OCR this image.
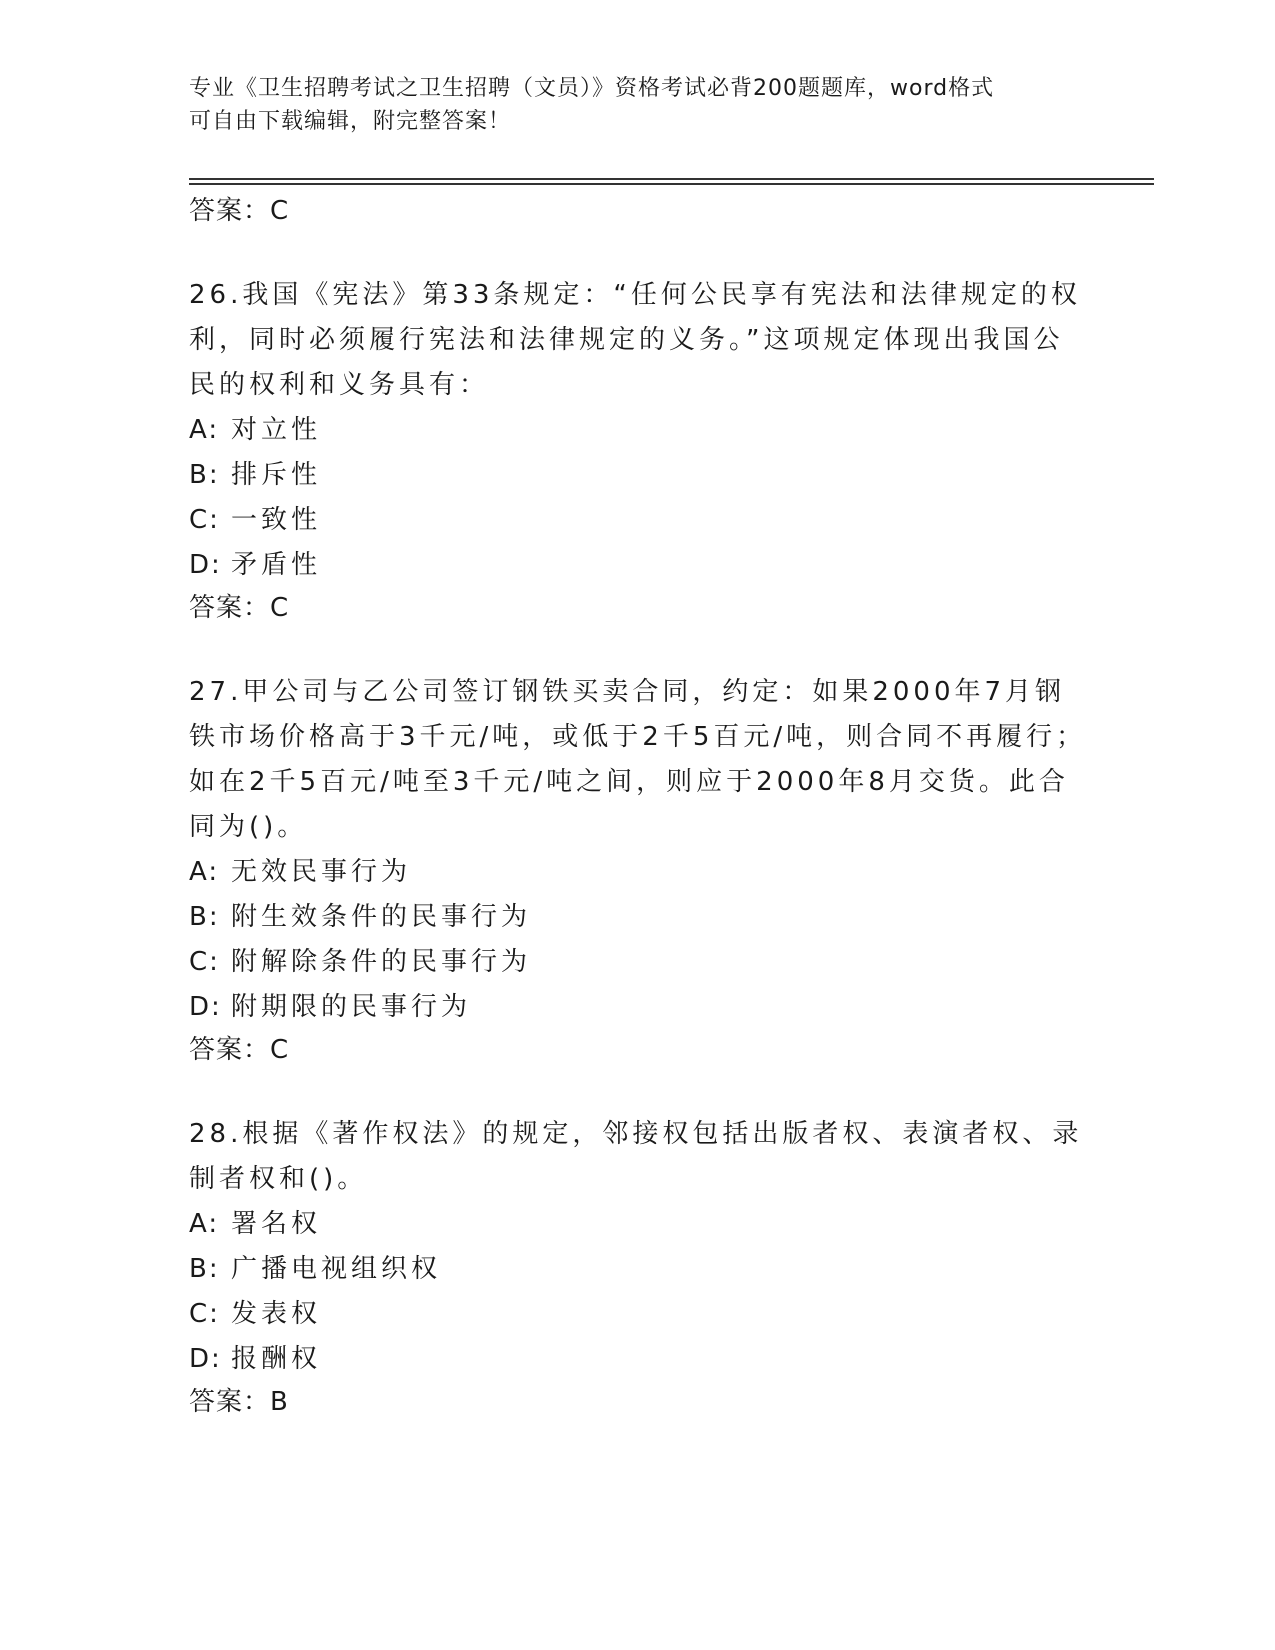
专业《卫生招聘考试之卫生招聘（文员）》资格考试必背200题题库，word格式
可自由下载编辑，附完整答案！
答案：C

26.我国《宪法》第33条规定：“任何公民享有宪法和法律规定的权利，同时必须履行宪法和法律规定的义务。”这项规定体现出我国公民的权利和义务具有：

A: 对立性
B: 排斥性
C: 一致性
D: 矛盾性
答案：C

27.甲公司与乙公司签订钢铁买卖合同，约定：如果2000年7月钢铁市场价格高于3千元/吨，或低于2千5百元/吨，则合同不再履行；如在2千5百元/吨至3千元/吨之间，则应于2000年8月交货。此合同为()。

A: 无效民事行为
B: 附生效条件的民事行为
C: 附解除条件的民事行为
D: 附期限的民事行为
答案：C

28.根据《著作权法》的规定，邻接权包括出版者权、表演者权、录制者权和()。

A: 署名权
B: 广播电视组织权
C: 发表权
D: 报酬权
答案：B
